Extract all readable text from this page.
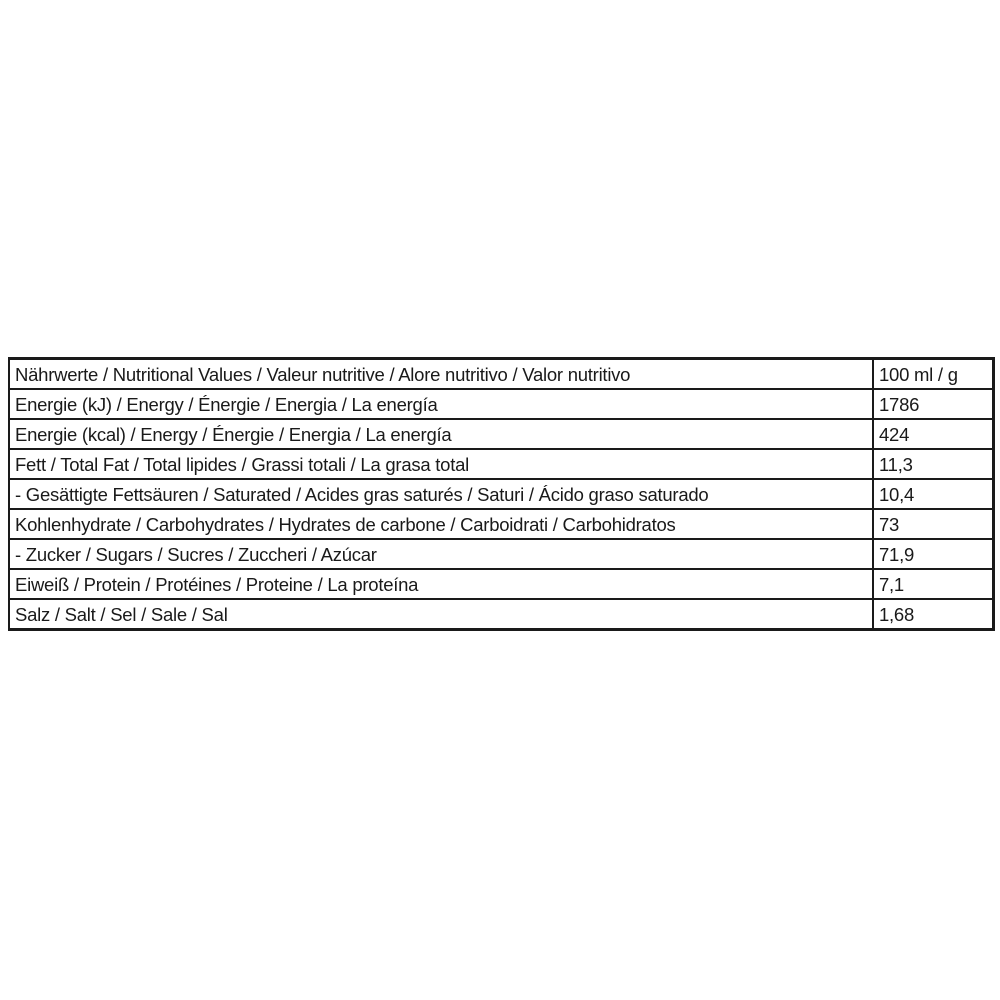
Nährwerte / Nutritional Values / Valeur nutritive / Alore nutritivo / Valor nutritivo	100 ml / g
Energie (kJ) / Energy / Énergie / Energia / La energía	1786
Energie (kcal) / Energy / Énergie / Energia / La energía	424
Fett / Total Fat / Total lipides / Grassi totali / La grasa total	11,3
- Gesättigte Fettsäuren / Saturated / Acides gras saturés / Saturi / Ácido graso saturado	10,4
Kohlenhydrate / Carbohydrates / Hydrates de carbone / Carboidrati / Carbohidratos	73
- Zucker / Sugars / Sucres / Zuccheri / Azúcar	71,9
Eiweiß / Protein / Protéines / Proteine / La proteína	7,1
Salz / Salt / Sel / Sale / Sal	1,68
